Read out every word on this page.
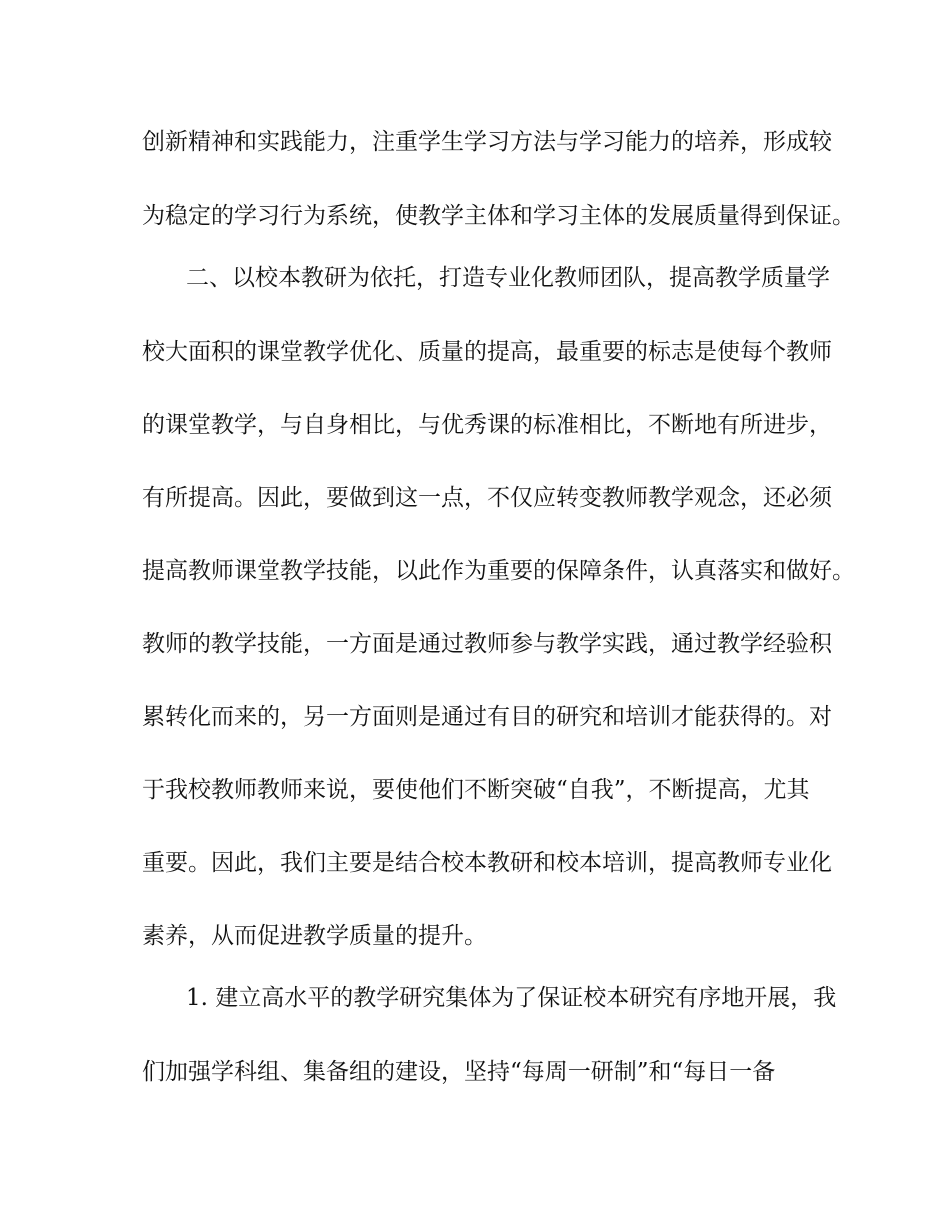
创新精神和实践能力，注重学生学习方法与学习能力的培养，形成较
为稳定的学习行为系统，使教学主体和学习主体的发展质量得到保证。
二、以校本教研为依托，打造专业化教师团队，提高教学质量学
校大面积的课堂教学优化、质量的提高，最重要的标志是使每个教师
的课堂教学，与自身相比，与优秀课的标准相比，不断地有所进步，
有所提高。因此，要做到这一点，不仅应转变教师教学观念，还必须
提高教师课堂教学技能，以此作为重要的保障条件，认真落实和做好。
教师的教学技能，一方面是通过教师参与教学实践，通过教学经验积
累转化而来的，另一方面则是通过有目的研究和培训才能获得的。对
于我校教师教师来说，要使他们不断突破“自我”，不断提高，尤其
重要。因此，我们主要是结合校本教研和校本培训，提高教师专业化
素养，从而促进教学质量的提升。
1. 建立高水平的教学研究集体为了保证校本研究有序地开展，我
们加强学科组、集备组的建设，坚持“每周一研制”和“每日一备
